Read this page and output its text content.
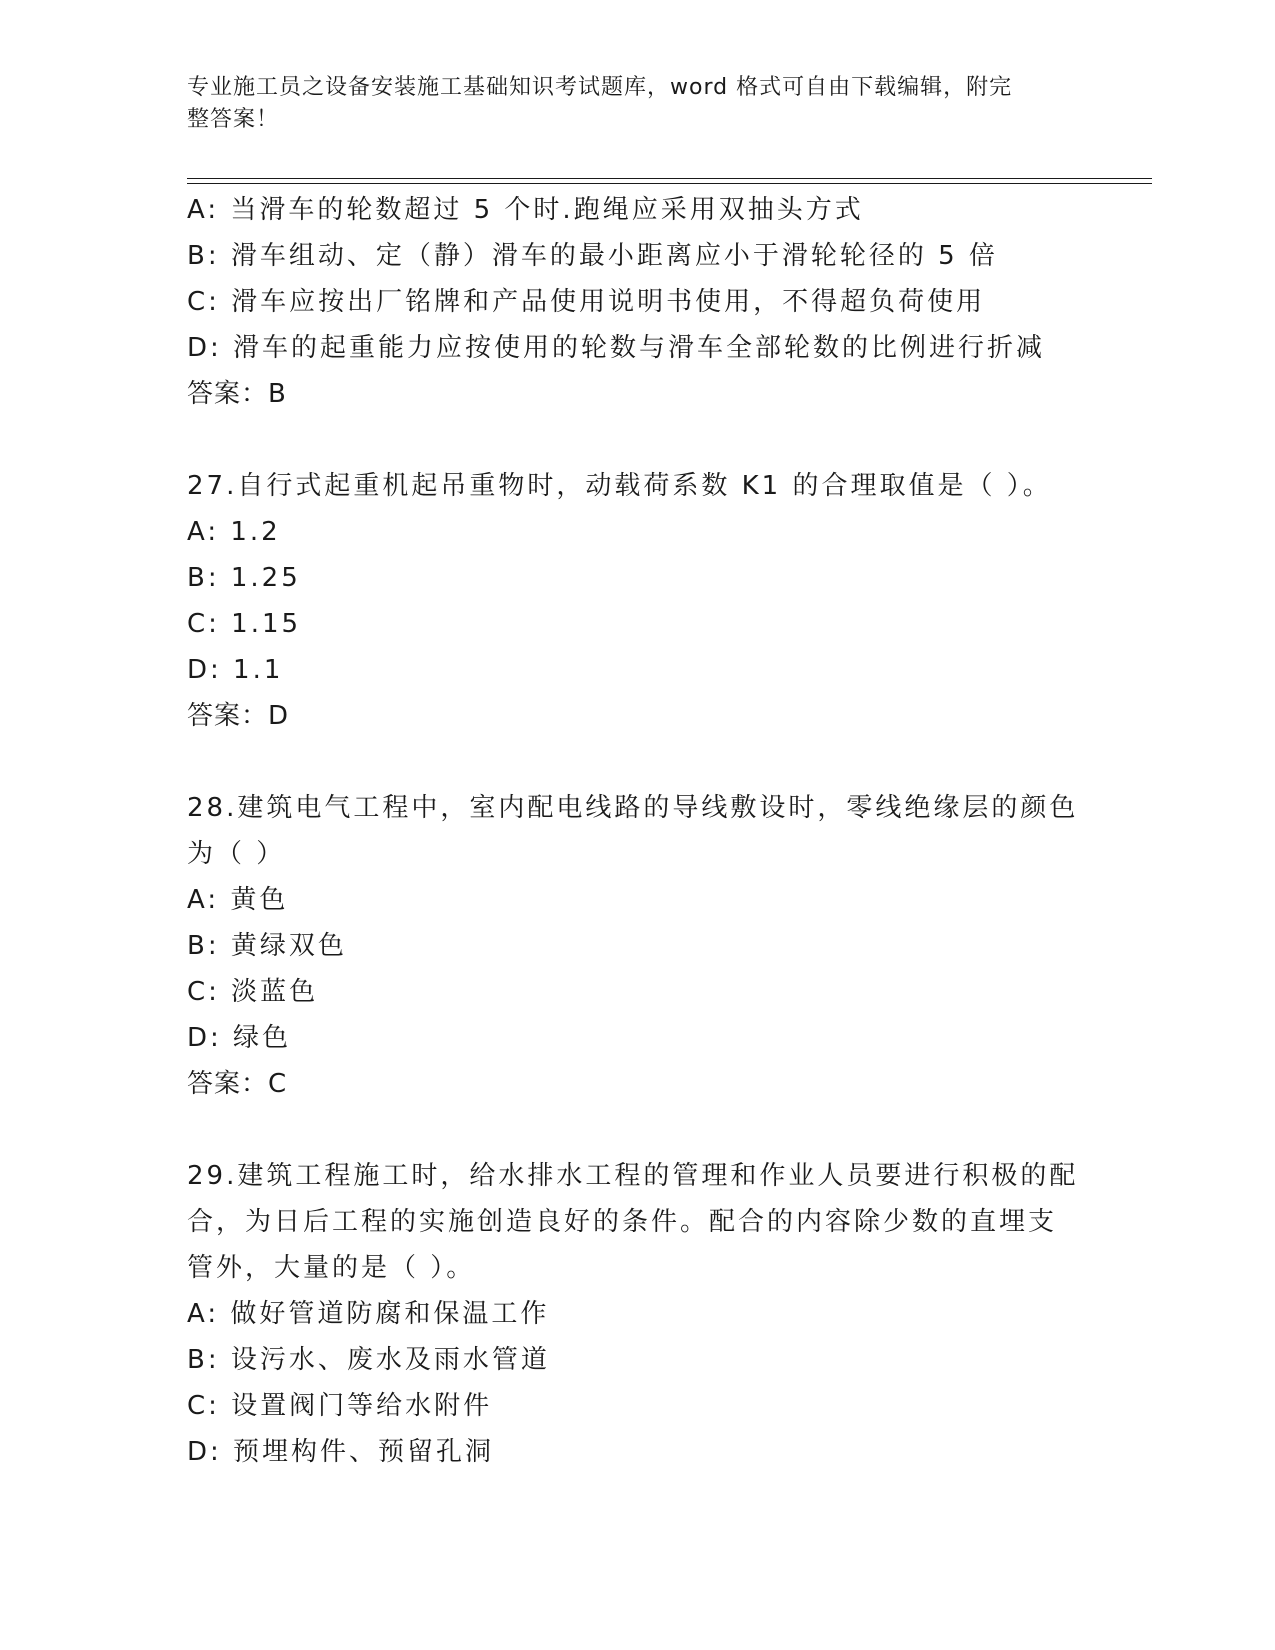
专业施工员之设备安装施工基础知识考试题库，word 格式可自由下载编辑，附完
整答案！
A: 当滑车的轮数超过 5 个时.跑绳应采用双抽头方式
B: 滑车组动、定（静）滑车的最小距离应小于滑轮轮径的 5 倍
C: 滑车应按出厂铭牌和产品使用说明书使用，不得超负荷使用
D: 滑车的起重能力应按使用的轮数与滑车全部轮数的比例进行折减
答案：B
27.自行式起重机起吊重物时，动载荷系数 K1 的合理取值是（ ）。
A: 1.2
B: 1.25
C: 1.15
D: 1.1
答案：D
28.建筑电气工程中，室内配电线路的导线敷设时，零线绝缘层的颜色
为（ ）
A: 黄色
B: 黄绿双色
C: 淡蓝色
D: 绿色
答案：C
29.建筑工程施工时，给水排水工程的管理和作业人员要进行积极的配
合，为日后工程的实施创造良好的条件。配合的内容除少数的直埋支
管外，大量的是（ ）。
A: 做好管道防腐和保温工作
B: 设污水、废水及雨水管道
C: 设置阀门等给水附件
D: 预埋构件、预留孔洞
